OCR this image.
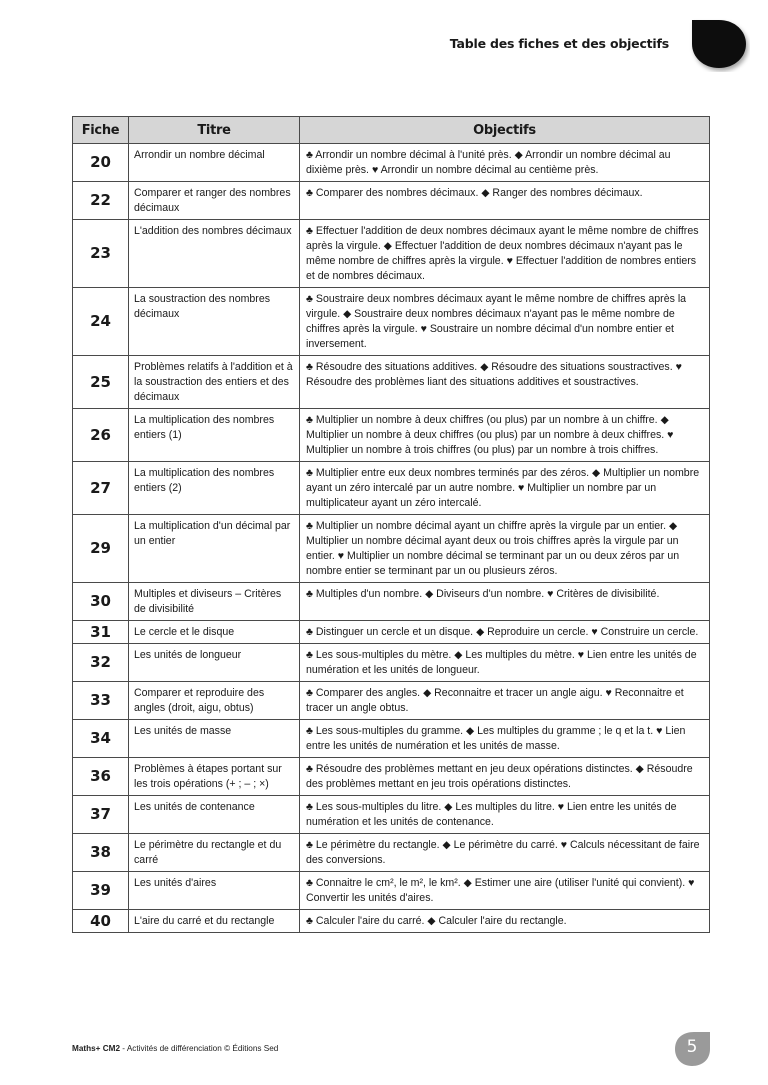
Table des fiches et des objectifs
Fiche	Titre	Objectifs
20	Arrondir un nombre décimal	♣ Arrondir un nombre décimal à l'unité près. ◆ Arrondir un nombre décimal au dixième près. ♥ Arrondir un nombre décimal au centième près.
22	Comparer et ranger des nombres décimaux	♣ Comparer des nombres décimaux. ◆ Ranger des nombres décimaux.
23	L'addition des nombres décimaux	♣ Effectuer l'addition de deux nombres décimaux ayant le même nombre de chiffres après la virgule. ◆ Effectuer l'addition de deux nombres décimaux n'ayant pas le même nombre de chiffres après la virgule. ♥ Effectuer l'addition de nombres entiers et de nombres décimaux.
24	La soustraction des nombres décimaux	♣ Soustraire deux nombres décimaux ayant le même nombre de chiffres après la virgule. ◆ Soustraire deux nombres décimaux n'ayant pas le même nombre de chiffres après la virgule. ♥ Soustraire un nombre décimal d'un nombre entier et inversement.
25	Problèmes relatifs à l'addition et à la soustraction des entiers et des décimaux	♣ Résoudre des situations additives. ◆ Résoudre des situations soustractives. ♥ Résoudre des problèmes liant des situations additives et soustractives.
26	La multiplication des nombres entiers (1)	♣ Multiplier un nombre à deux chiffres (ou plus) par un nombre à un chiffre. ◆ Multiplier un nombre à deux chiffres (ou plus) par un nombre à deux chiffres. ♥ Multiplier un nombre à trois chiffres (ou plus) par un nombre à trois chiffres.
27	La multiplication des nombres entiers (2)	♣ Multiplier entre eux deux nombres terminés par des zéros. ◆ Multiplier un nombre ayant un zéro intercalé par un autre nombre. ♥ Multiplier un nombre par un multiplicateur ayant un zéro intercalé.
29	La multiplication d'un décimal par un entier	♣ Multiplier un nombre décimal ayant un chiffre après la virgule par un entier. ◆ Multiplier un nombre décimal ayant deux ou trois chiffres après la virgule par un entier. ♥ Multiplier un nombre décimal se terminant par un ou deux zéros par un nombre entier se terminant par un ou plusieurs zéros.
30	Multiples et diviseurs – Critères de divisibilité	♣ Multiples d'un nombre. ◆ Diviseurs d'un nombre. ♥ Critères de divisibilité.
31	Le cercle et le disque	♣ Distinguer un cercle et un disque. ◆ Reproduire un cercle. ♥ Construire un cercle.
32	Les unités de longueur	♣ Les sous-multiples du mètre. ◆ Les multiples du mètre. ♥ Lien entre les unités de numération et les unités de longueur.
33	Comparer et reproduire des angles (droit, aigu, obtus)	♣ Comparer des angles. ◆ Reconnaitre et tracer un angle aigu. ♥ Reconnaitre et tracer un angle obtus.
34	Les unités de masse	♣ Les sous-multiples du gramme. ◆ Les multiples du gramme ; le q et la t. ♥ Lien entre les unités de numération et les unités de masse.
36	Problèmes à étapes portant sur les trois opérations (+ ; – ; ×)	♣ Résoudre des problèmes mettant en jeu deux opérations distinctes. ◆ Résoudre des problèmes mettant en jeu trois opérations distinctes.
37	Les unités de contenance	♣ Les sous-multiples du litre. ◆ Les multiples du litre. ♥ Lien entre les unités de numération et les unités de contenance.
38	Le périmètre du rectangle et du carré	♣ Le périmètre du rectangle. ◆ Le périmètre du carré. ♥ Calculs nécessitant de faire des conversions.
39	Les unités d'aires	♣ Connaitre le cm², le m², le km². ◆ Estimer une aire (utiliser l'unité qui convient). ♥ Convertir les unités d'aires.
40	L'aire du carré et du rectangle	♣ Calculer l'aire du carré. ◆ Calculer l'aire du rectangle.
Maths+ CM2 - Activités de différenciation © Éditions Sed	5
